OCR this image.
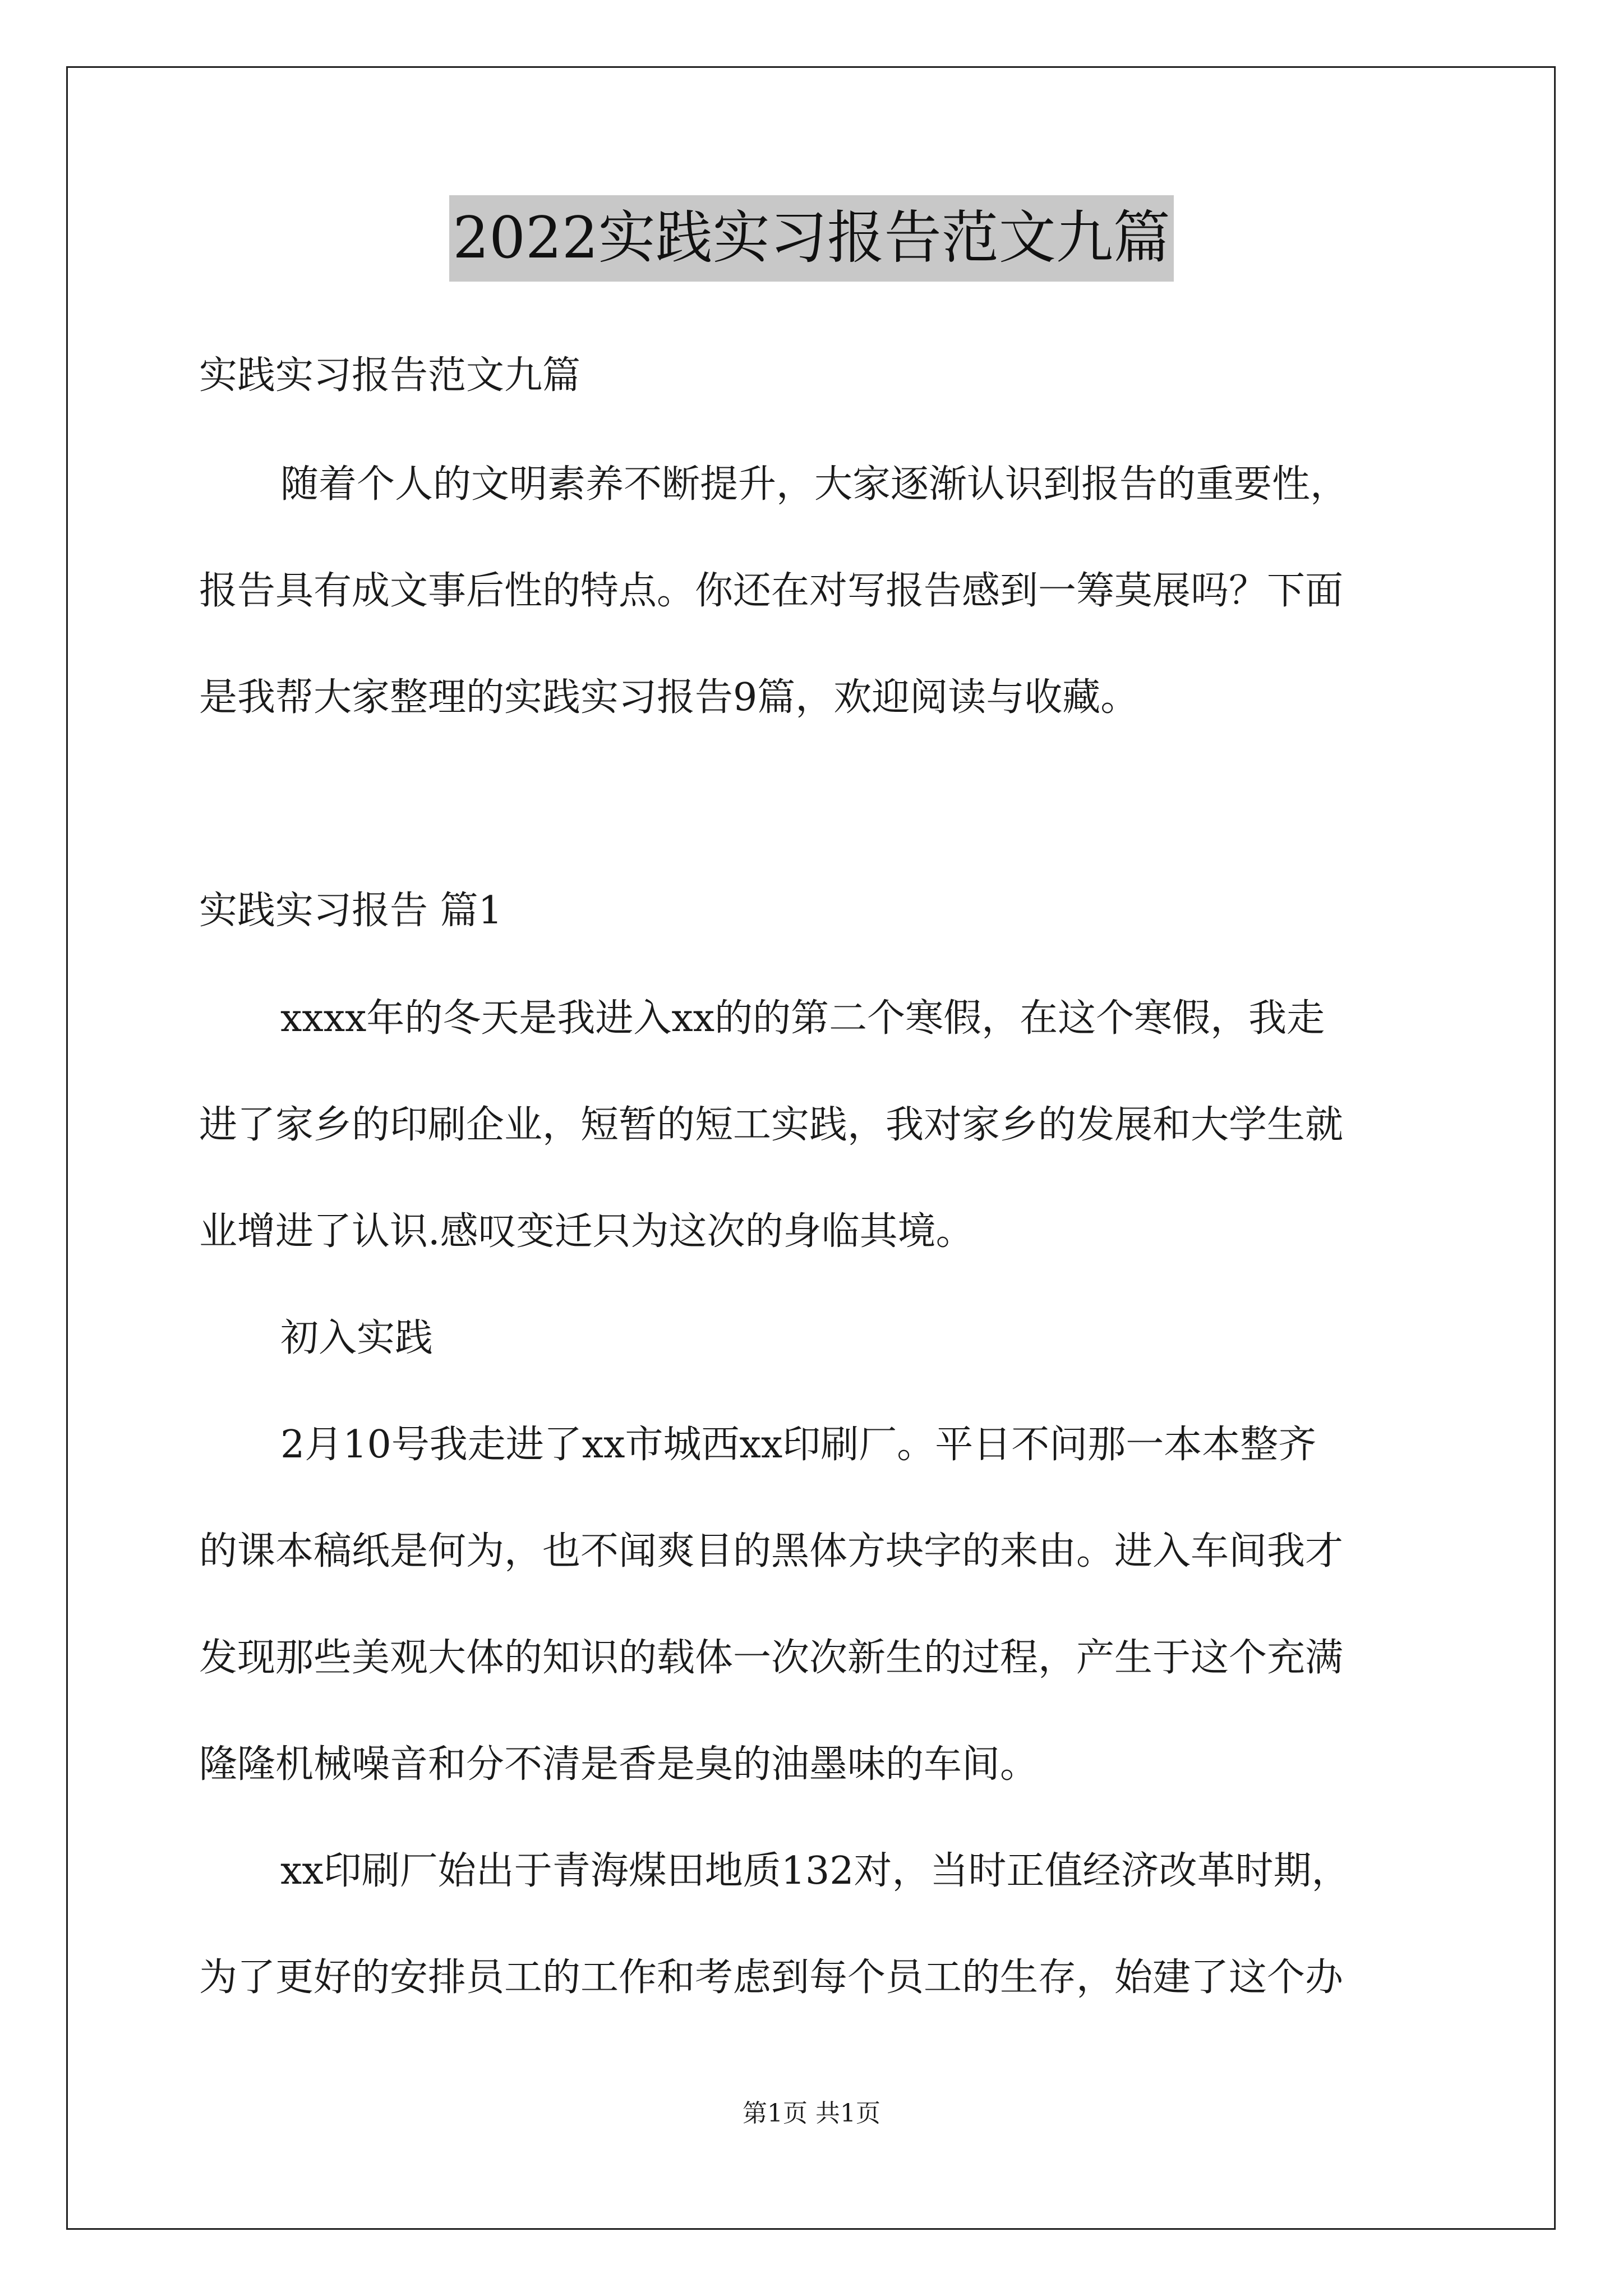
2022实践实习报告范文九篇
实践实习报告范文九篇
随着个人的文明素养不断提升，大家逐渐认识到报告的重要性，
报告具有成文事后性的特点。你还在对写报告感到一筹莫展吗？下面
是我帮大家整理的实践实习报告9篇，欢迎阅读与收藏。
实践实习报告 篇1
xxxx年的冬天是我进入xx的的第二个寒假，在这个寒假，我走
进了家乡的印刷企业，短暂的短工实践，我对家乡的发展和大学生就
业增进了认识.感叹变迁只为这次的身临其境。
初入实践
2月10号我走进了xx市城西xx印刷厂。平日不问那一本本整齐
的课本稿纸是何为，也不闻爽目的黑体方块字的来由。进入车间我才
发现那些美观大体的知识的载体一次次新生的过程，产生于这个充满
隆隆机械噪音和分不清是香是臭的油墨味的车间。
xx印刷厂始出于青海煤田地质132对，当时正值经济改革时期，
为了更好的安排员工的工作和考虑到每个员工的生存，始建了这个办
第1页 共1页
